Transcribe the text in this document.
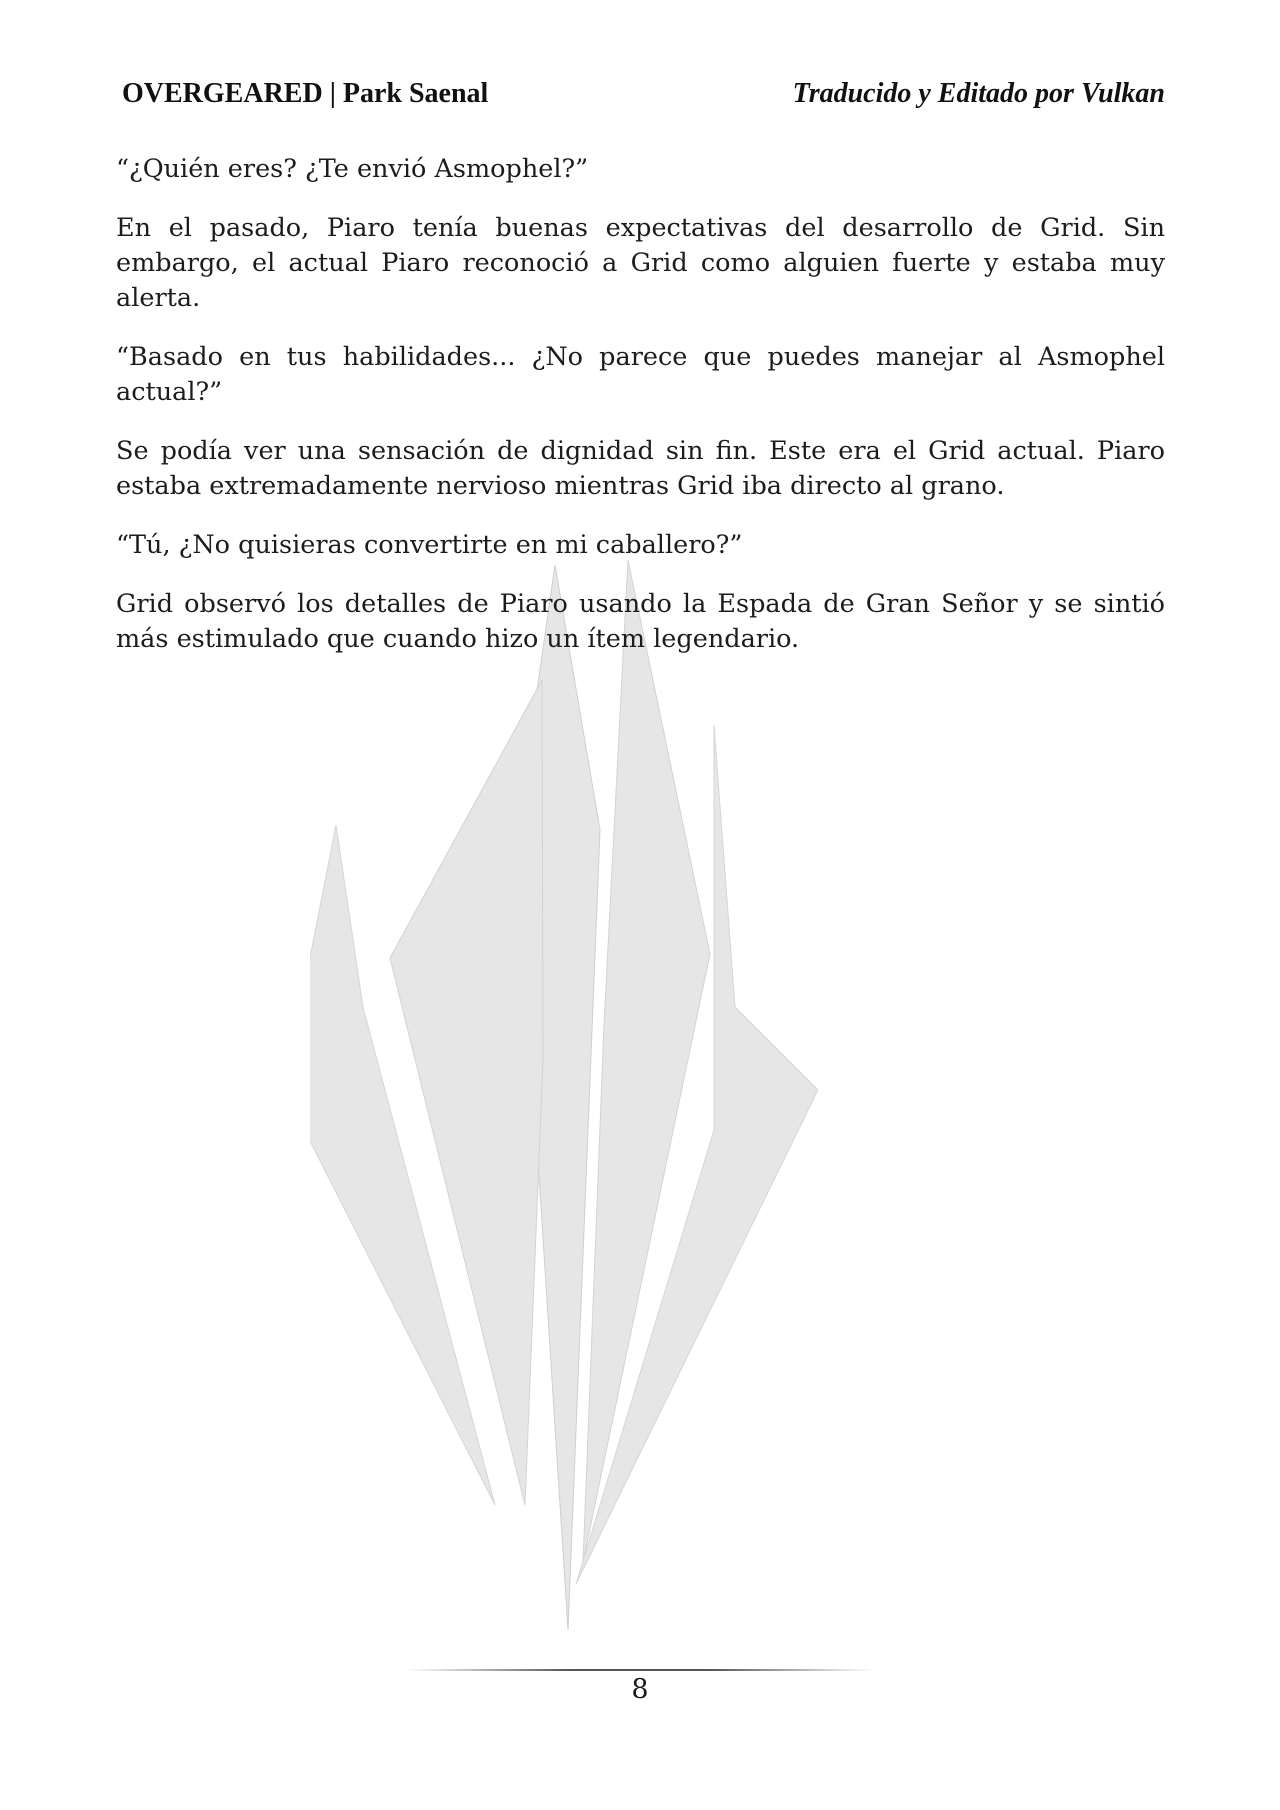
OVERGEARED | Park Saenal	Traducido y Editado por Vulkan

“¿Quién eres? ¿Te envió Asmophel?”

En el pasado, Piaro tenía buenas expectativas del desarrollo de Grid. Sin embargo, el actual Piaro reconoció a Grid como alguien fuerte y estaba muy alerta.

“Basado en tus habilidades... ¿No parece que puedes manejar al Asmophel actual?”

Se podía ver una sensación de dignidad sin fin. Este era el Grid actual. Piaro estaba extremadamente nervioso mientras Grid iba directo al grano.

“Tú, ¿No quisieras convertirte en mi caballero?”

Grid observó los detalles de Piaro usando la Espada de Gran Señor y se sintió más estimulado que cuando hizo un ítem legendario.

8
